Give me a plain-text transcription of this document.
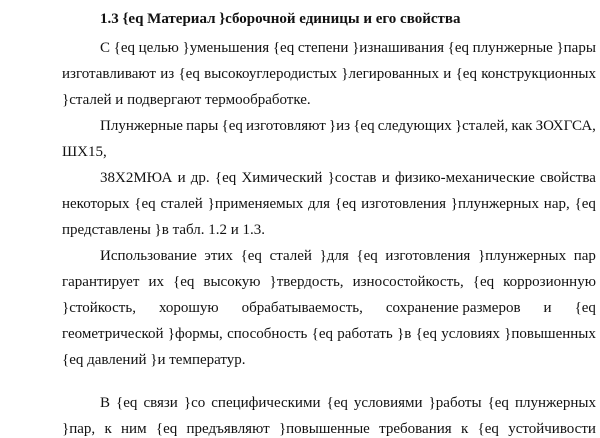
1.3 {eq Материал }сборочной единицы и его свойства
С {eq целью }уменьшения {eq степени }изнашивания {eq плунжерные }пары
изготавливают из {eq высокоуглеродистых }легированных и {eq конструкционных
}сталей и подвергают термообработке.
Плунжерные пары {eq изготовляют }из {eq следующих }сталей, как ЗОХГСА,
ШХ15,
38Х2МЮА и др. {eq Химический }состав и физико-механические свойства
некоторых {eq сталей }применяемых для {eq изготовления }плунжерных нар, {eq
представлены }в табл. 1.2 и 1.3.
Использование этих {eq сталей }для {eq изготовления }плунжерных пар
гарантирует их {eq высокую }твердость, износостойкость, {eq коррозионную
}стойкость, хорошую обрабатываемость, сохранение размеров и {eq
геометрической }формы, способность {eq работать }в {eq условиях }повышенных
{eq давлений }и температур.
В {eq связи }со специфическими {eq условиями }работы {eq плунжерных
}пар, к ним {eq предъявляют }повышенные требования к {eq устойчивости
